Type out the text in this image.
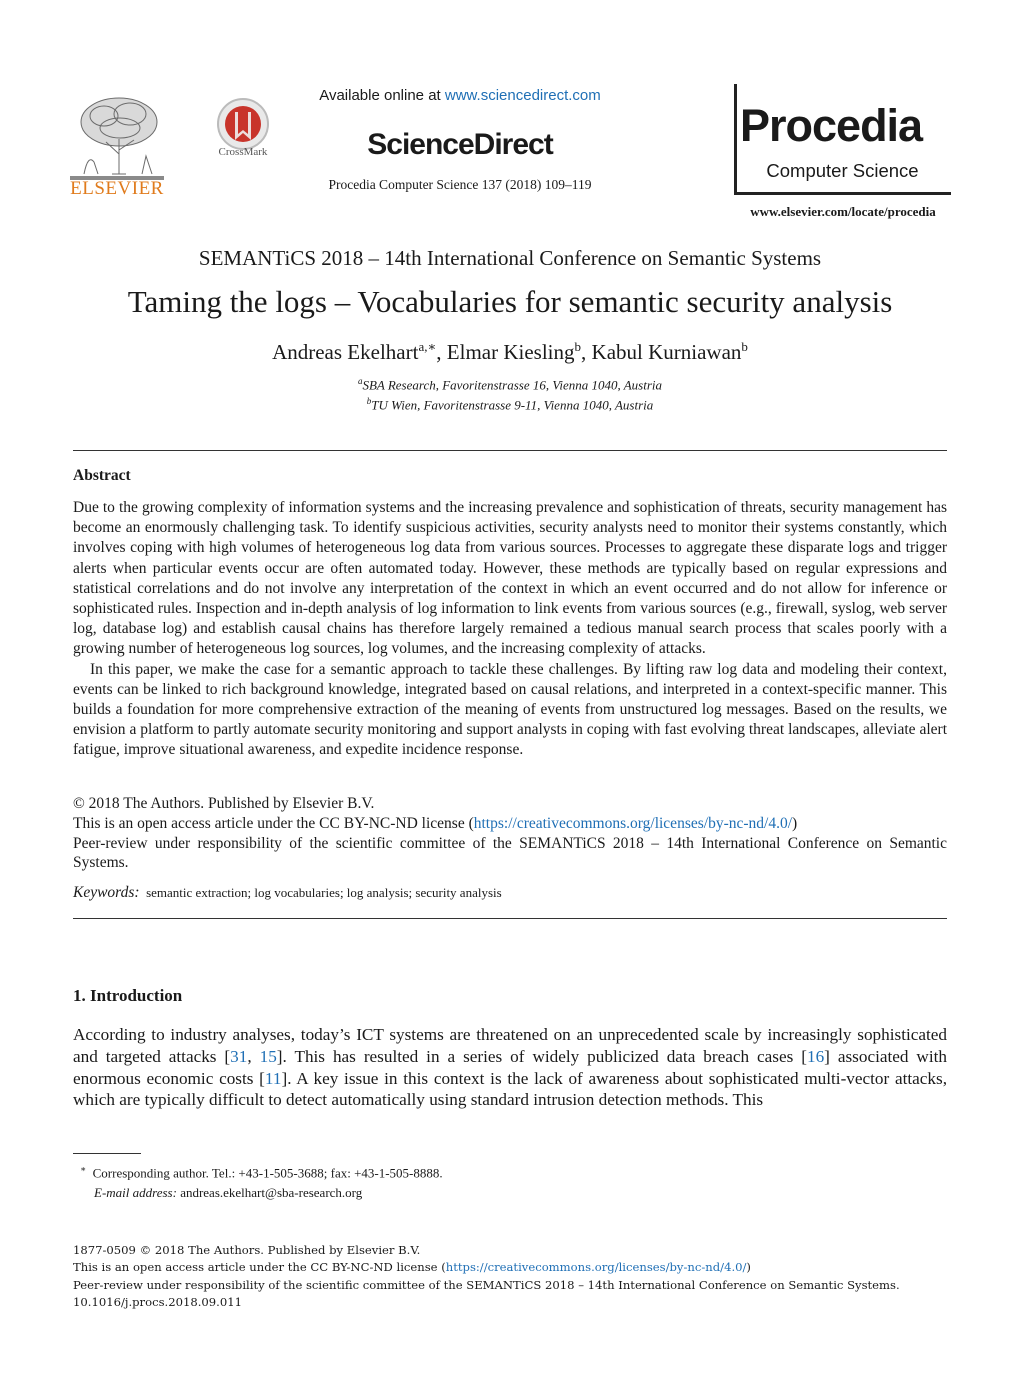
ELSEVIER
CrossMark
Available online at www.sciencedirect.com
ScienceDirect
Procedia Computer Science 137 (2018) 109–119
Procedia
Computer Science
www.elsevier.com/locate/procedia
SEMANTiCS 2018 – 14th International Conference on Semantic Systems
Taming the logs – Vocabularies for semantic security analysis
Andreas Ekelhart$^{a,∗}$, Elmar Kiesling$^b$, Kabul Kurniawan$^b$
$^a$SBA Research, Favoritenstrasse 16, Vienna 1040, Austria
$^b$TU Wien, Favoritenstrasse 9-11, Vienna 1040, Austria
Abstract

Due to the growing complexity of information systems and the increasing prevalence and sophistication of threats, security management has become an enormously challenging task. To identify suspicious activities, security analysts need to monitor their systems constantly, which involves coping with high volumes of heterogeneous log data from various sources. Processes to aggregate these disparate logs and trigger alerts when particular events occur are often automated today. However, these methods are typically based on regular expressions and statistical correlations and do not involve any interpretation of the context in which an event occurred and do not allow for inference or sophisticated rules. Inspection and in-depth analysis of log information to link events from various sources (e.g., firewall, syslog, web server log, database log) and establish causal chains has therefore largely remained a tedious manual search process that scales poorly with a growing number of heterogeneous log sources, log volumes, and the increasing complexity of attacks.

In this paper, we make the case for a semantic approach to tackle these challenges. By lifting raw log data and modeling their context, events can be linked to rich background knowledge, integrated based on causal relations, and interpreted in a context-specific manner. This builds a foundation for more comprehensive extraction of the meaning of events from unstructured log messages. Based on the results, we envision a platform to partly automate security monitoring and support analysts in coping with fast evolving threat landscapes, alleviate alert fatigue, improve situational awareness, and expedite incidence response.

© 2018 The Authors. Published by Elsevier B.V.
This is an open access article under the CC BY-NC-ND license (https://creativecommons.org/licenses/by-nc-nd/4.0/)
Peer-review under responsibility of the scientific committee of the SEMANTiCS 2018 – 14th International Conference on Semantic Systems.
Keywords: semantic extraction; log vocabularies; log analysis; security analysis
1. Introduction
According to industry analyses, today’s ICT systems are threatened on an unprecedented scale by increasingly sophisticated and targeted attacks [31, 15]. This has resulted in a series of widely publicized data breach cases [16] associated with enormous economic costs [11]. A key issue in this context is the lack of awareness about sophisticated multi-vector attacks, which are typically difficult to detect automatically using standard intrusion detection methods. This
∗ Corresponding author. Tel.: +43-1-505-3688; fax: +43-1-505-8888.
E-mail address: andreas.ekelhart@sba-research.org
1877-0509 © 2018 The Authors. Published by Elsevier B.V.
This is an open access article under the CC BY-NC-ND license (https://creativecommons.org/licenses/by-nc-nd/4.0/)
Peer-review under responsibility of the scientific committee of the SEMANTiCS 2018 – 14th International Conference on Semantic Systems.
10.1016/j.procs.2018.09.011
